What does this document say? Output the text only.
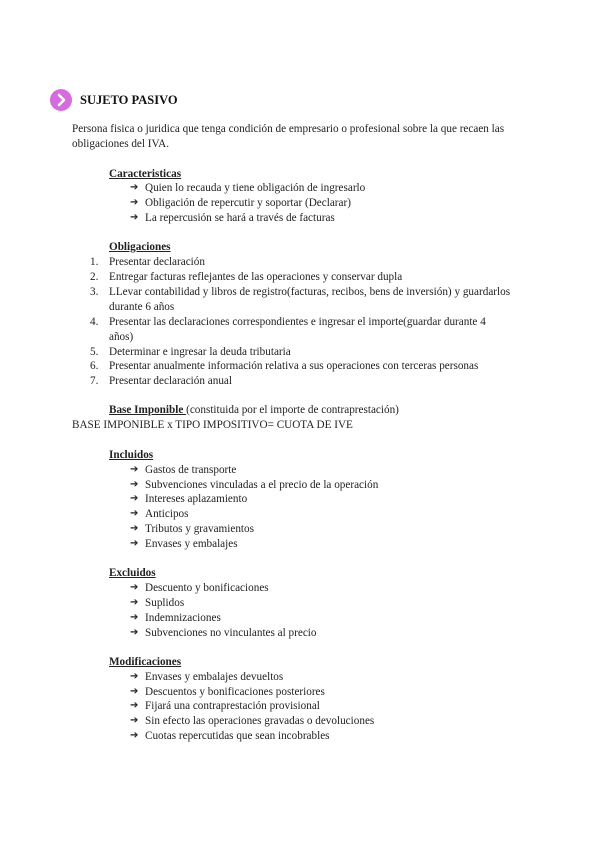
SUJETO PASIVO
Persona fisica o juridica que tenga condición de empresario o profesional sobre la que recaen las
obligaciones del IVA.
Caracteristicas
➔ Quien lo recauda y tiene obligación de ingresarlo
➔ Obligación de repercutir y soportar (Declarar)
➔ La repercusión se hará a través de facturas
Obligaciones
1. Presentar declaración
2. Entregar facturas reflejantes de las operaciones y conservar dupla
3. LLevar contabilidad y libros de registro(facturas, recibos, bens de inversión) y guardarlos
durante 6 años
4. Presentar las declaraciones correspondientes e ingresar el importe(guardar durante 4
años)
5. Determinar e ingresar la deuda tributaria
6. Presentar anualmente información relativa a sus operaciones con terceras personas
7. Presentar declaración anual
Base Imponible (constituida por el importe de contraprestación)
BASE IMPONIBLE x TIPO IMPOSITIVO= CUOTA DE IVE
Incluidos
➔ Gastos de transporte
➔ Subvenciones vinculadas a el precio de la operación
➔ Intereses aplazamiento
➔ Anticipos
➔ Tributos y gravamientos
➔ Envases y embalajes
Excluidos
➔ Descuento y bonificaciones
➔ Suplidos
➔ Indemnizaciones
➔ Subvenciones no vinculantes al precio
Modificaciones
➔ Envases y embalajes devueltos
➔ Descuentos y bonificaciones posteriores
➔ Fijará una contraprestación provisional
➔ Sin efecto las operaciones gravadas o devoluciones
➔ Cuotas repercutidas que sean incobrables
